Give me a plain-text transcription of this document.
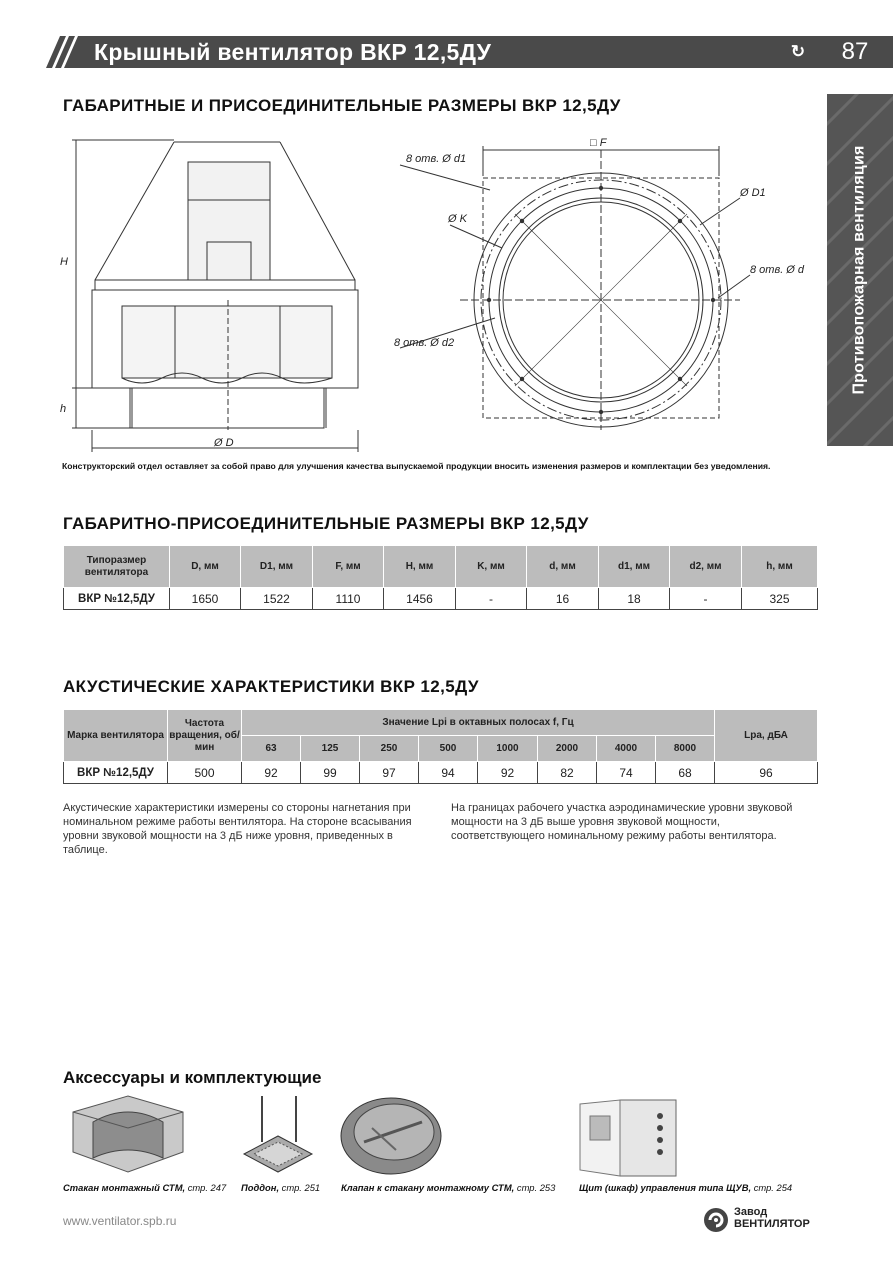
Крышный вентилятор ВКР 12,5ДУ	↻	87
Противопожарная вентиляция
ГАБАРИТНЫЕ И ПРИСОЕДИНИТЕЛЬНЫЕ РАЗМЕРЫ ВКР 12,5ДУ
H
h
Ø D
□ F
Ø D1
Ø K
8 отв. Ø d1
8 отв. Ø d
8 отв. Ø d2
Конструкторский отдел оставляет за собой право для улучшения качества выпускаемой продукции вносить изменения размеров и комплектации без уведомления.
ГАБАРИТНО-ПРИСОЕДИНИТЕЛЬНЫЕ РАЗМЕРЫ ВКР 12,5ДУ
Типоразмер вентилятора	D, мм	D1, мм	F, мм	H, мм	K, мм	d, мм	d1, мм	d2, мм	h, мм
ВКР №12,5ДУ	1650	1522	1110	1456	-	16	18	-	325
АКУСТИЧЕСКИЕ ХАРАКТЕРИСТИКИ ВКР 12,5ДУ
Марка вентилятора	Частота вращения, об/мин	Значение Lpi в октавных полосах f, Гц								Lpa, дБА
		63	125	250	500	1000	2000	4000	8000	
ВКР №12,5ДУ	500	92	99	97	94	92	82	74	68	96
Акустические характеристики измерены со стороны нагнетания при номинальном режиме работы вентилятора. На стороне всасывания уровни звуковой мощности на 3 дБ ниже уровня, приведенных в таблице.
На границах рабочего участка аэродинамические уровни звуковой мощности на 3 дБ выше уровня звуковой мощности, соответствующего номинальному режиму работы вентилятора.
Аксессуары и комплектующие
Стакан монтажный СТМ, стр. 247 Поддон, стр. 251 Клапан к стакану монтажному СТМ, стр. 253	Щит (шкаф) управления типа ЩУВ, стр. 254
www.ventilator.spb.ru
Завод
ВЕНТИЛЯТОР
